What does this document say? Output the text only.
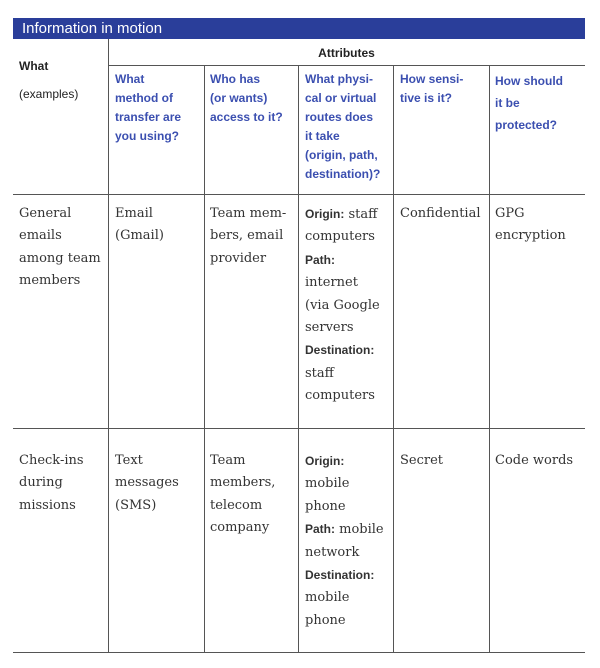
Information in motion

What

(examples)

Attributes
What
method of
transfer are
you using?
Who has
(or wants)
access to it?
What physi-
cal or virtual
routes does
it take
(origin, path,
destination)?
How sensi-
tive is it?
How should
it be
protected?
General
emails
among team
members
Email
(Gmail)
Team mem-
bers, email
provider
Origin: staff
computers
Path:
internet
(via Google
servers
Destination:
staff
computers
Confidential GPG
encryption
Check-ins
during
missions
Text
messages
(SMS)
Team
members,
telecom
company
Origin:
mobile
phone
Path: mobile
network
Destination:
mobile
phone
Secret	Code words
